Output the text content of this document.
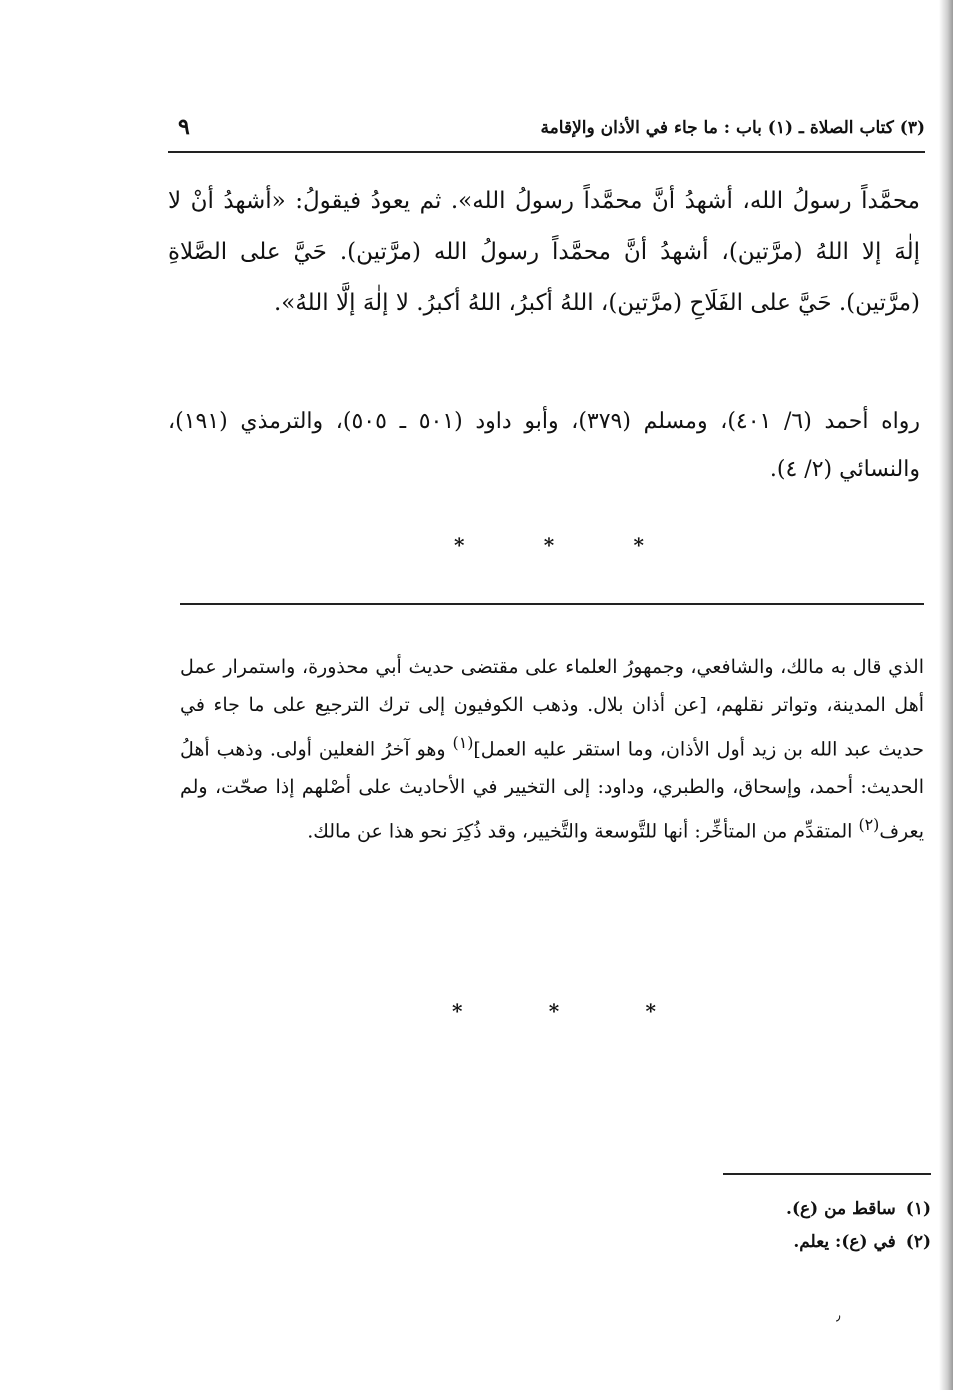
٩	(٣) كتاب الصلاة ـ (١) باب : ما جاء في الأذان والإقامة

محمَّداً رسولُ الله، أشهدُ أنَّ محمَّداً رسولُ الله». ثم يعودُ فيقولُ: «أشهدُ أنْ لا إلٰهَ إلا اللهُ (مرَّتين)، أشهدُ أنَّ محمَّداً رسولُ الله (مرَّتين). حَيَّ على الصَّلاةِ (مرَّتين). حَيَّ على الفَلَاحِ (مرَّتين)، اللهُ أكبرُ، اللهُ أكبرُ. لا إلٰهَ إلَّا اللهُ».

رواه أحمد (٦/ ٤٠١)، ومسلم (٣٧٩)، وأبو داود (٥٠١ ـ ٥٠٥)، والترمذي (١٩١)، والنسائي (٢/ ٤).

*	*	*

الذي قال به مالك، والشافعي، وجمهورُ العلماء على مقتضى حديث أبي محذورة، واستمرار عمل أهل المدينة، وتواتر نقلهم، [عن أذان بلال. وذهب الكوفيون إلى ترك الترجيع على ما جاء في حديث عبد الله بن زيد أول الأذان، وما استقر عليه العمل]$^{(١)}$ وهو آخرُ الفعلين أولى. وذهب أهلُ الحديث: أحمد، وإسحاق، والطبري، وداود: إلى التخيير في الأحاديث على أصْلهم إذا صحّت، ولم يعرف$^{(٢)}$ المتقدِّم من المتأخِّر: أنها للتَّوسعة والتَّخيير، وقد ذُكِرَ نحو هذا عن مالك.

*	*	*
(١)ساقط من (ع).
(٢)في (ع): يعلم.
٫
